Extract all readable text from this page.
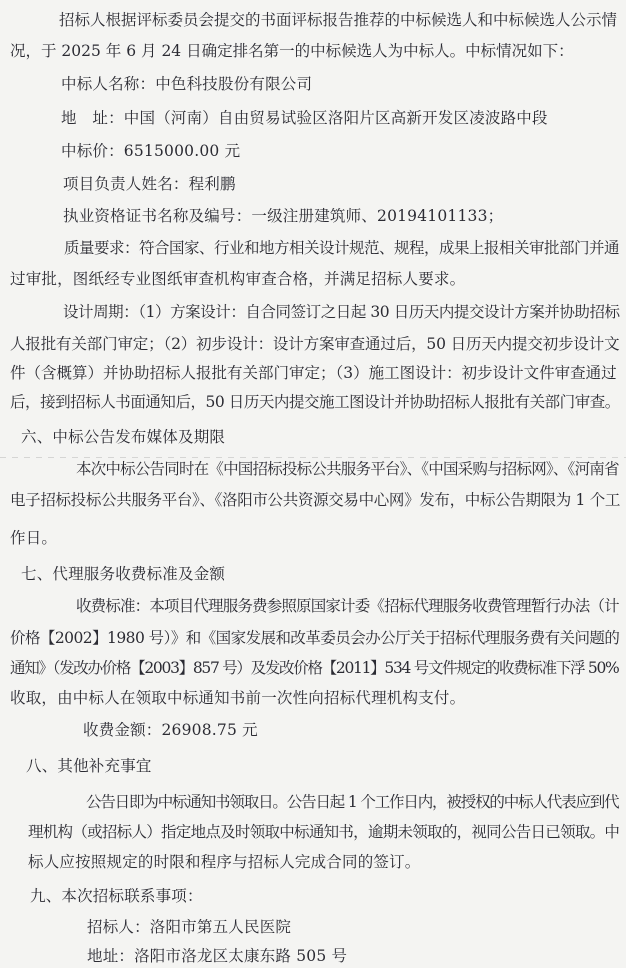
招标人根据评标委员会提交的书面评标报告推荐的中标候选人和中标候选人公示情
况，于 2025 年 6 月 24 日确定排名第一的中标候选人为中标人。中标情况如下：
中标人名称：中色科技股份有限公司
地　址：中国（河南）自由贸易试验区洛阳片区高新开发区凌波路中段
中标价：6515000.00 元
项目负责人姓名：程利鹏
执业资格证书名称及编号：一级注册建筑师、20194101133；
质量要求：符合国家、行业和地方相关设计规范、规程，成果上报相关审批部门并通
过审批，图纸经专业图纸审查机构审查合格，并满足招标人要求。
设计周期：（1）方案设计：自合同签订之日起 30 日历天内提交设计方案并协助招标
人报批有关部门审定；（2）初步设计：设计方案审查通过后，50 日历天内提交初步设计文
件（含概算）并协助招标人报批有关部门审定；（3）施工图设计：初步设计文件审查通过
后，接到招标人书面通知后，50 日历天内提交施工图设计并协助招标人报批有关部门审查。
六、中标公告发布媒体及期限
本次中标公告同时在《中国招标投标公共服务平台》、《中国采购与招标网》、《河南省
电子招标投标公共服务平台》、《洛阳市公共资源交易中心网》发布，中标公告期限为 1 个工
作日。
七、代理服务收费标准及金额
收费标准：本项目代理服务费参照原国家计委《招标代理服务收费管理暂行办法（计
价格【2002】1980 号）》和《国家发展和改革委员会办公厅关于招标代理服务费有关问题的
通知》（发改办价格【2003】857 号）及发改价格【2011】534 号文件规定的收费标准下浮 50%
收取，由中标人在领取中标通知书前一次性向招标代理机构支付。
收费金额：26908.75 元
八、其他补充事宜
公告日即为中标通知书领取日。公告日起 1 个工作日内，被授权的中标人代表应到代
理机构（或招标人）指定地点及时领取中标通知书，逾期未领取的，视同公告日已领取。中
标人应按照规定的时限和程序与招标人完成合同的签订。
九、本次招标联系事项：
招标人：洛阳市第五人民医院
地址：洛阳市洛龙区太康东路 505 号
